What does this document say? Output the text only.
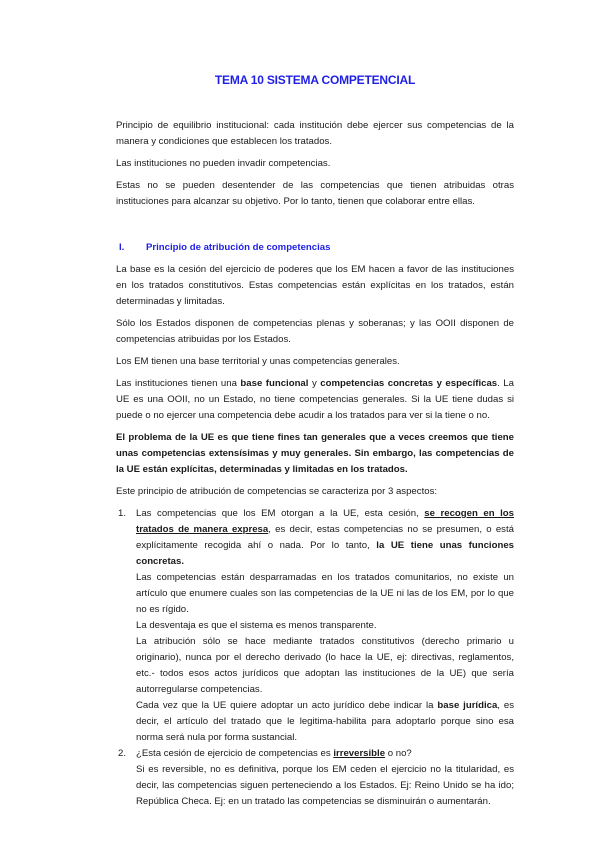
TEMA 10 SISTEMA COMPETENCIAL

Principio de equilibrio institucional: cada institución debe ejercer sus competencias de la manera y condiciones que establecen los tratados.

Las instituciones no pueden invadir competencias.

Estas no se pueden desentender de las competencias que tienen atribuidas otras instituciones para alcanzar su objetivo. Por lo tanto, tienen que colaborar entre ellas.

I.	Principio de atribución de competencias

La base es la cesión del ejercicio de poderes que los EM hacen a favor de las instituciones en los tratados constitutivos. Estas competencias están explícitas en los tratados, están determinadas y limitadas.

Sólo los Estados disponen de competencias plenas y soberanas; y las OOII disponen de competencias atribuidas por los Estados.

Los EM tienen una base territorial y unas competencias generales.

Las instituciones tienen una base funcional y competencias concretas y específicas. La UE es una OOII, no un Estado, no tiene competencias generales. Si la UE tiene dudas si puede o no ejercer una competencia debe acudir a los tratados para ver si la tiene o no.

El problema de la UE es que tiene fines tan generales que a veces creemos que tiene unas competencias extensísimas y muy generales. Sin embargo, las competencias de la UE están explícitas, determinadas y limitadas en los tratados.

Este principio de atribución de competencias se caracteriza por 3 aspectos:

1.	Las competencias que los EM otorgan a la UE, esta cesión, se recogen en los tratados de manera expresa, es decir, estas competencias no se presumen, o está explícitamente recogida ahí o nada. Por lo tanto, la UE tiene unas funciones concretas.

Las competencias están desparramadas en los tratados comunitarios, no existe un artículo que enumere cuales son las competencias de la UE ni las de los EM, por lo que no es rígido.

La desventaja es que el sistema es menos transparente.

La atribución sólo se hace mediante tratados constitutivos (derecho primario u originario), nunca por el derecho derivado (lo hace la UE, ej: directivas, reglamentos, etc.- todos esos actos jurídicos que adoptan las instituciones de la UE) que sería autorregularse competencias.

Cada vez que la UE quiere adoptar un acto jurídico debe indicar la base jurídica, es decir, el artículo del tratado que le legitima-habilita para adoptarlo porque sino esa norma será nula por forma sustancial.

2.	¿Esta cesión de ejercicio de competencias es irreversible o no?

Si es reversible, no es definitiva, porque los EM ceden el ejercicio no la titularidad, es decir, las competencias siguen perteneciendo a los Estados. Ej: Reino Unido se ha ido; República Checa. Ej: en un tratado las competencias se disminuirán o aumentarán.
